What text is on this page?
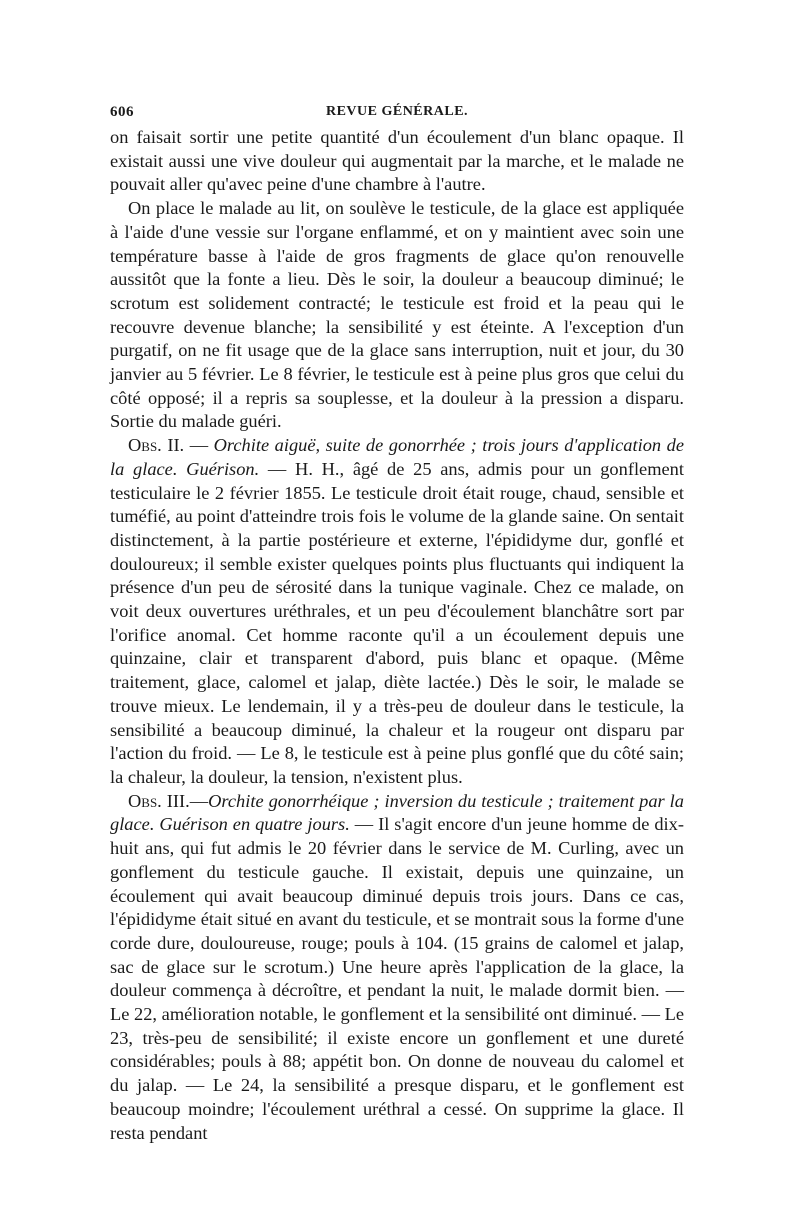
606	REVUE GÉNÉRALE.

on faisait sortir une petite quantité d'un écoulement d'un blanc opaque. Il existait aussi une vive douleur qui augmentait par la marche, et le malade ne pouvait aller qu'avec peine d'une chambre à l'autre.

On place le malade au lit, on soulève le testicule, de la glace est appliquée à l'aide d'une vessie sur l'organe enflammé, et on y maintient avec soin une température basse à l'aide de gros fragments de glace qu'on renouvelle aussitôt que la fonte a lieu. Dès le soir, la douleur a beaucoup diminué; le scrotum est solidement contracté; le testicule est froid et la peau qui le recouvre devenue blanche; la sensibilité y est éteinte. A l'exception d'un purgatif, on ne fit usage que de la glace sans interruption, nuit et jour, du 30 janvier au 5 février. Le 8 février, le testicule est à peine plus gros que celui du côté opposé; il a repris sa souplesse, et la douleur à la pression a disparu. Sortie du malade guéri.

Obs. II. — Orchite aiguë, suite de gonorrhée ; trois jours d'application de la glace. Guérison. — H. H., âgé de 25 ans, admis pour un gonflement testiculaire le 2 février 1855. Le testicule droit était rouge, chaud, sensible et tuméfié, au point d'atteindre trois fois le volume de la glande saine. On sentait distinctement, à la partie postérieure et externe, l'épididyme dur, gonflé et douloureux; il semble exister quelques points plus fluctuants qui indiquent la présence d'un peu de sérosité dans la tunique vaginale. Chez ce malade, on voit deux ouvertures uréthrales, et un peu d'écoulement blanchâtre sort par l'orifice anomal. Cet homme raconte qu'il a un écoulement depuis une quinzaine, clair et transparent d'abord, puis blanc et opaque. (Même traitement, glace, calomel et jalap, diète lactée.) Dès le soir, le malade se trouve mieux. Le lendemain, il y a très-peu de douleur dans le testicule, la sensibilité a beaucoup diminué, la chaleur et la rougeur ont disparu par l'action du froid. — Le 8, le testicule est à peine plus gonflé que du côté sain; la chaleur, la douleur, la tension, n'existent plus.

Obs. III.—Orchite gonorrhéique ; inversion du testicule ; traitement par la glace. Guérison en quatre jours. — Il s'agit encore d'un jeune homme de dix-huit ans, qui fut admis le 20 février dans le service de M. Curling, avec un gonflement du testicule gauche. Il existait, depuis une quinzaine, un écoulement qui avait beaucoup diminué depuis trois jours. Dans ce cas, l'épididyme était situé en avant du testicule, et se montrait sous la forme d'une corde dure, douloureuse, rouge; pouls à 104. (15 grains de calomel et jalap, sac de glace sur le scrotum.) Une heure après l'application de la glace, la douleur commença à décroître, et pendant la nuit, le malade dormit bien. — Le 22, amélioration notable, le gonflement et la sensibilité ont diminué. — Le 23, très-peu de sensibilité; il existe encore un gonflement et une dureté considérables; pouls à 88; appétit bon. On donne de nouveau du calomel et du jalap. — Le 24, la sensibilité a presque disparu, et le gonflement est beaucoup moindre; l'écoulement uréthral a cessé. On supprime la glace. Il resta pendant
